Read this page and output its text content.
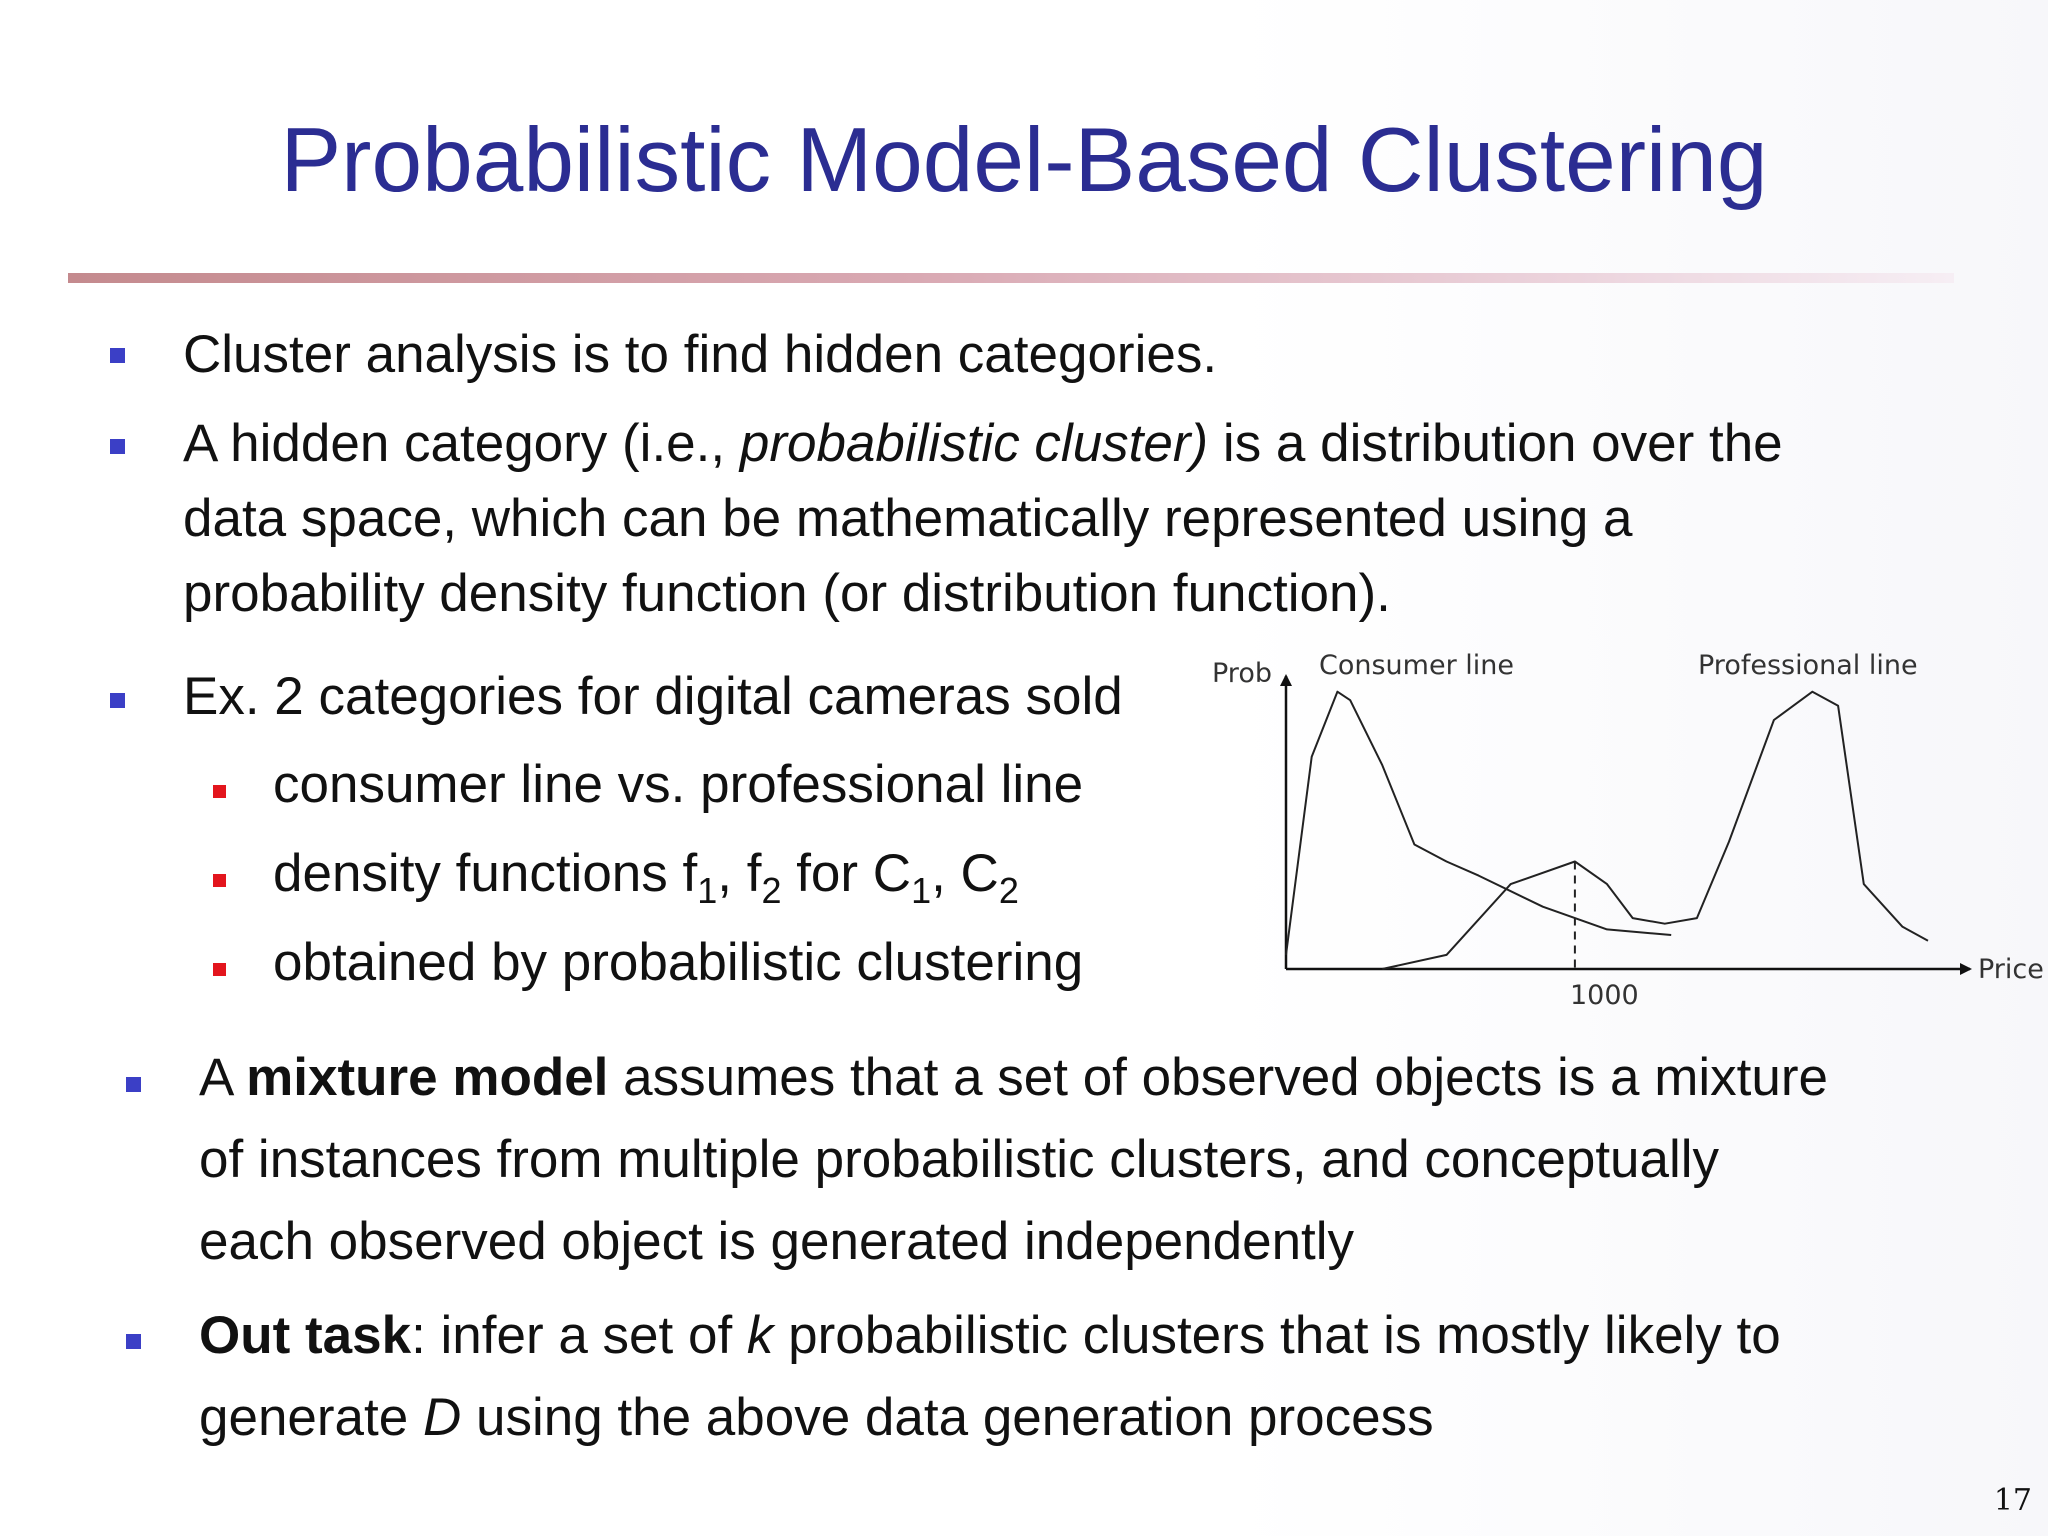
Probabilistic Model-Based Clustering
Cluster analysis is to find hidden categories.
A hidden category (i.e., probabilistic cluster) is a distribution over the
data space, which can be mathematically represented using a
probability density function (or distribution function).
Ex. 2 categories for digital cameras sold
consumer line vs. professional line
density functions $f_1$, $f_2$ for $C_1$, $C_2$
obtained by probabilistic clustering
Prob
Price
Consumer line	Professional line
1000
A mixture model assumes that a set of observed objects is a mixture
of instances from multiple probabilistic clusters, and conceptually
each observed object is generated independently
Out task: infer a set of k probabilistic clusters that is mostly likely to
generate D using the above data generation process
17
